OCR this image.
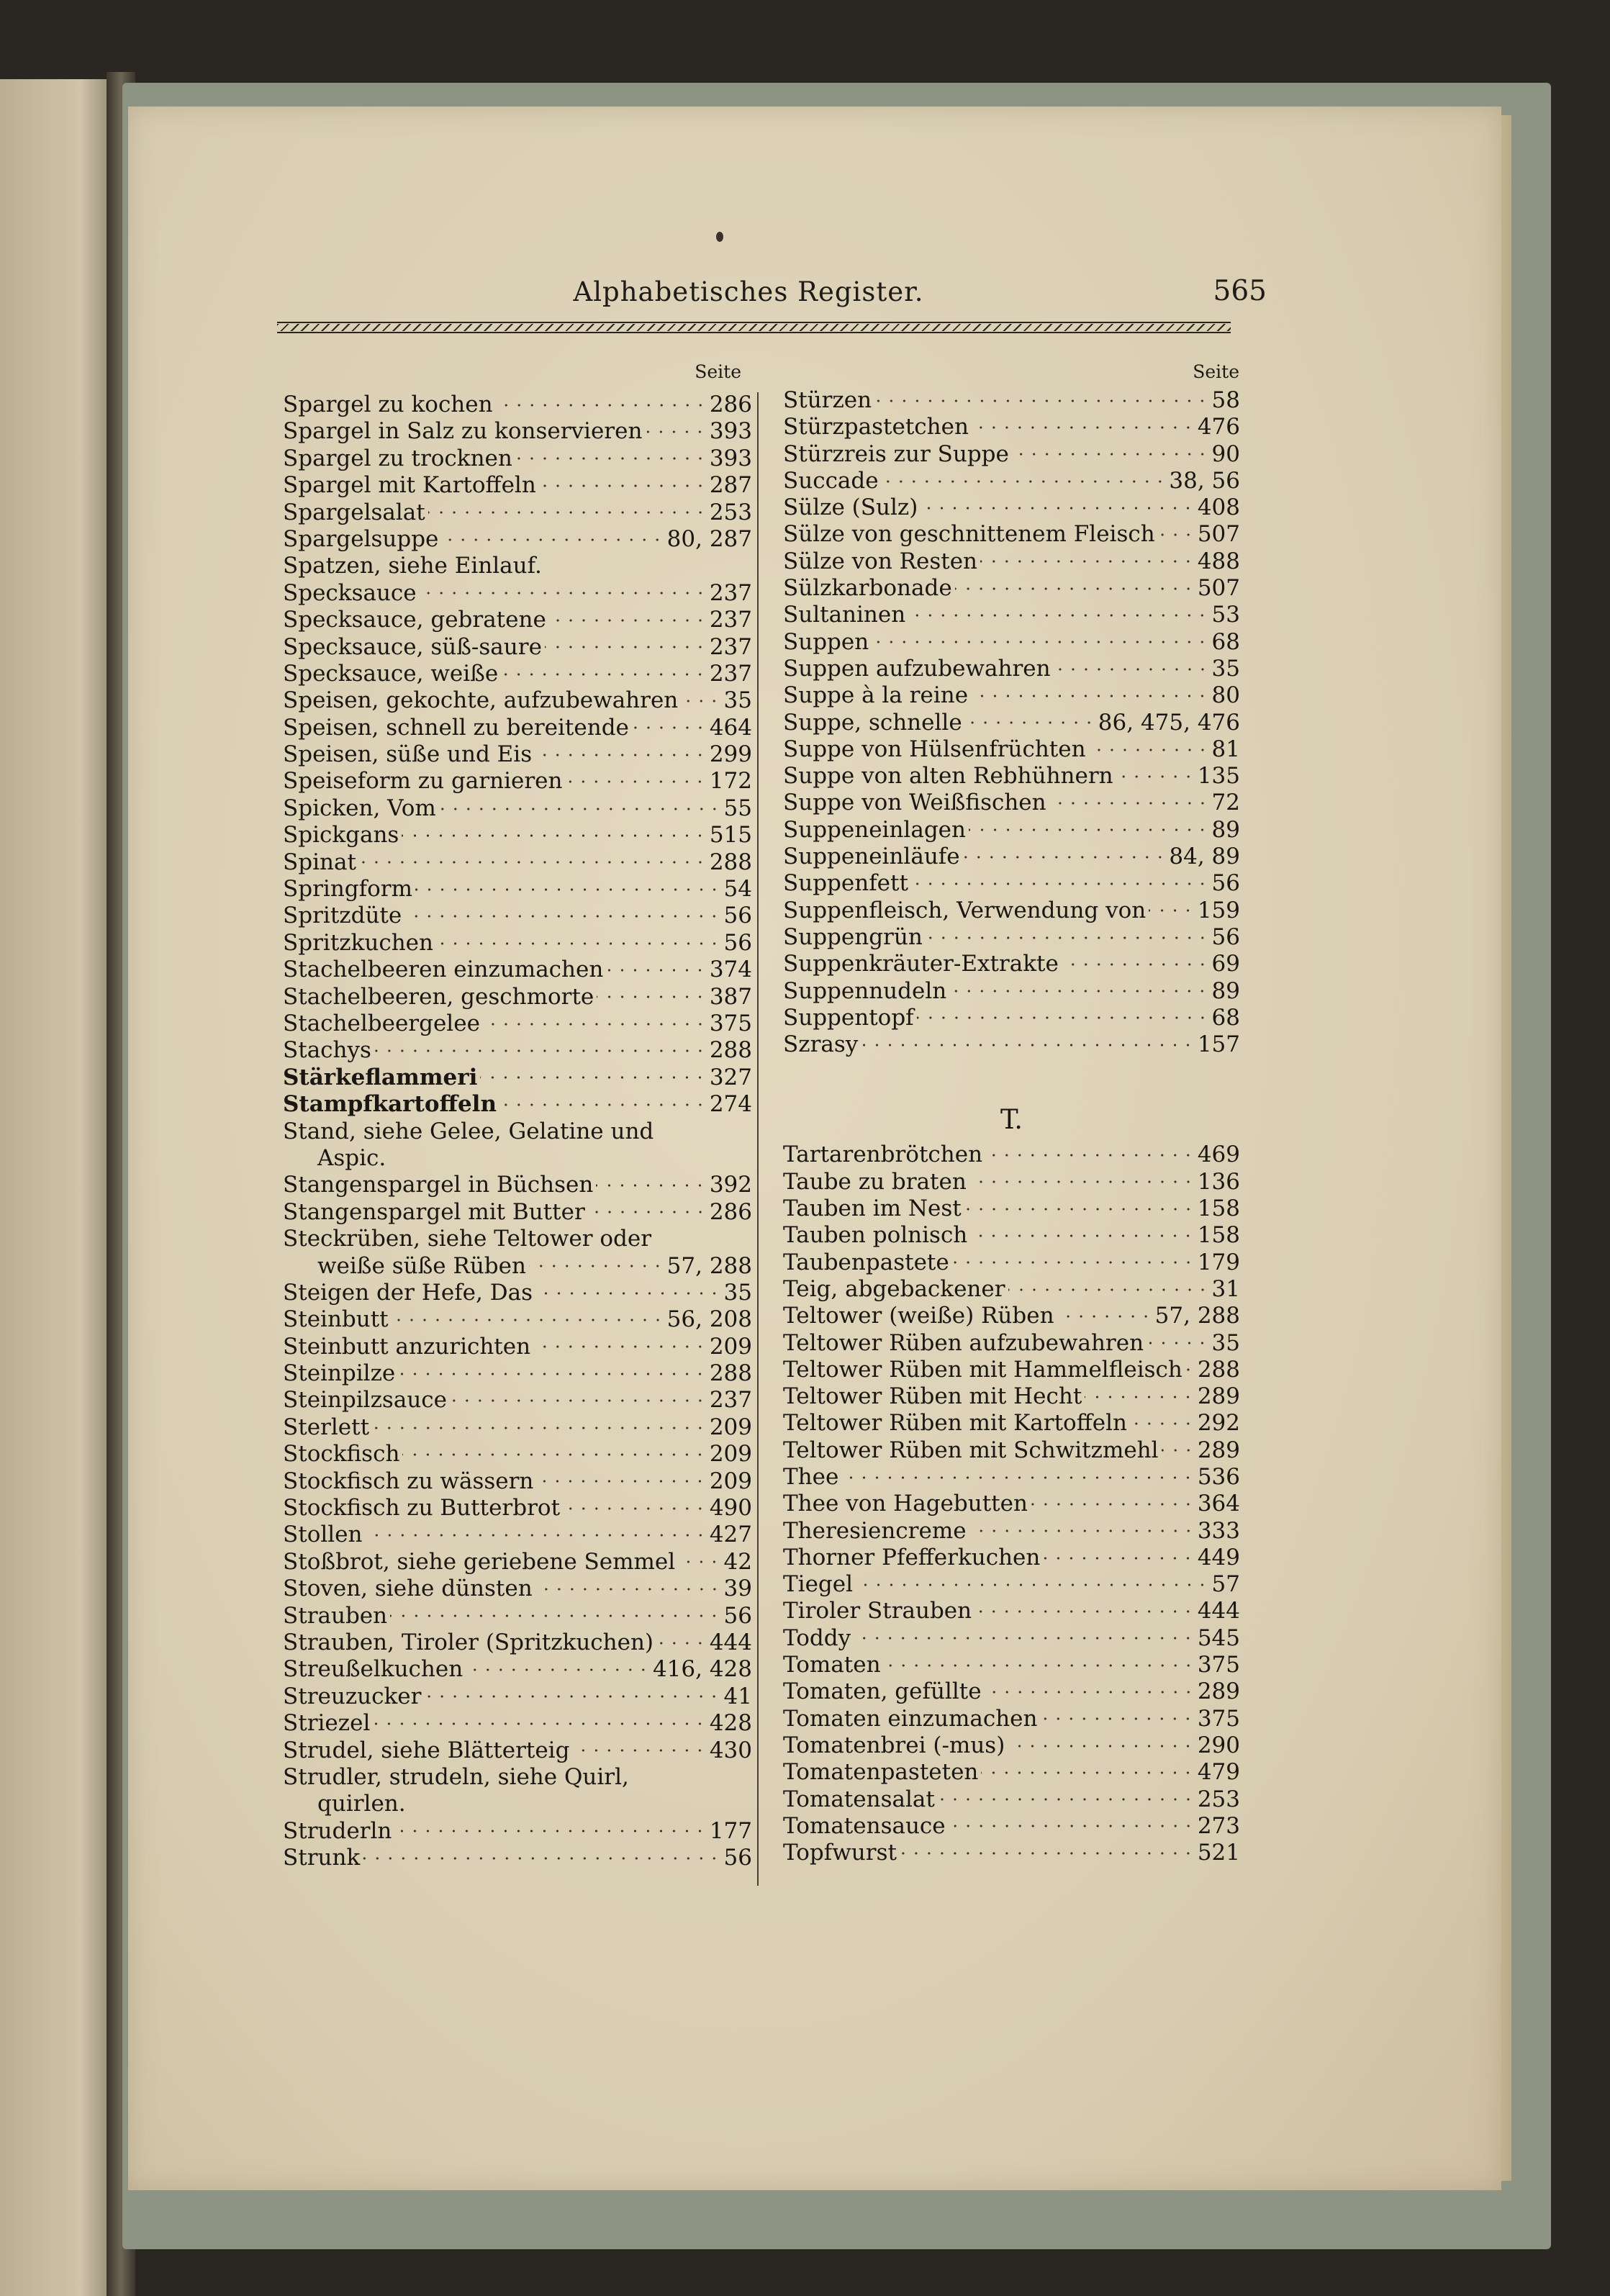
Alphabetisches Register.	565
Seite	Seite
Spargel zu kochen	286
Spargel in Salz zu konservieren	393
Spargel zu trocknen	393
Spargel mit Kartoffeln	287
Spargelsalat	253
Spargelsuppe	80, 287
Spatzen, siehe Einlauf.
Specksauce	237
Specksauce, gebratene	237
Specksauce, süß-saure	237
Specksauce, weiße	237
Speisen, gekochte, aufzubewahren 35
Speisen, schnell zu bereitende	464
Speisen, süße und Eis	299
Speiseform zu garnieren	172
Spicken, Vom	55
Spickgans	515
Spinat	288
Springform	54
Spritzdüte	56
Spritzkuchen	56
Stachelbeeren einzumachen	374
Stachelbeeren, geschmorte	387
Stachelbeergelee	375
Stachys	288
Stärkeflammeri	327
Stampfkartoffeln	274
Stand, siehe Gelee, Gelatine und
Aspic.
Stangenspargel in Büchsen	392
Stangenspargel mit Butter	286
Steckrüben, siehe Teltower oder
weiße süße Rüben	57, 288
Steigen der Hefe, Das	35
Steinbutt	56, 208
Steinbutt anzurichten	209
Steinpilze	288
Steinpilzsauce	237
Sterlett	209
Stockfisch	209
Stockfisch zu wässern	209
Stockfisch zu Butterbrot	490
Stollen	427
Stoßbrot, siehe geriebene Semmel 42
Stoven, siehe dünsten	39
Strauben	56
Strauben, Tiroler (Spritzkuchen)	444
Streußelkuchen	416, 428
Streuzucker	41
Striezel	428
Strudel, siehe Blätterteig	430
Strudler, strudeln, siehe Quirl,
quirlen.
Struderln	177
Strunk	56
Stürzen	58
Stürzpastetchen	476
Stürzreis zur Suppe	90
Succade	38, 56
Sülze (Sulz)	408
Sülze von geschnittenem Fleisch 507
Sülze von Resten	488
Sülzkarbonade	507
Sultaninen	53
Suppen	68
Suppen aufzubewahren	35
Suppe à la reine	80
Suppe, schnelle	86, 475, 476
Suppe von Hülsenfrüchten	81
Suppe von alten Rebhühnern	135
Suppe von Weißfischen	72
Suppeneinlagen	89
Suppeneinläufe	84, 89
Suppenfett	56
Suppenfleisch, Verwendung von 159
Suppengrün	56
Suppenkräuter-Extrakte	69
Suppennudeln	89
Suppentopf	68
Szrasy	157
T.
Tartarenbrötchen	469
Taube zu braten	136
Tauben im Nest	158
Tauben polnisch	158
Taubenpastete	179
Teig, abgebackener	31
Teltower (weiße) Rüben	57, 288
Teltower Rüben aufzubewahren	35
Teltower Rüben mit Hammelfleisch 288
Teltower Rüben mit Hecht	289
Teltower Rüben mit Kartoffeln	292
Teltower Rüben mit Schwitzmehl 289
Thee	536
Thee von Hagebutten	364
Theresiencreme	333
Thorner Pfefferkuchen	449
Tiegel	57
Tiroler Strauben	444
Toddy	545
Tomaten	375
Tomaten, gefüllte	289
Tomaten einzumachen	375
Tomatenbrei (-mus)	290
Tomatenpasteten	479
Tomatensalat	253
Tomatensauce	273
Topfwurst	521
